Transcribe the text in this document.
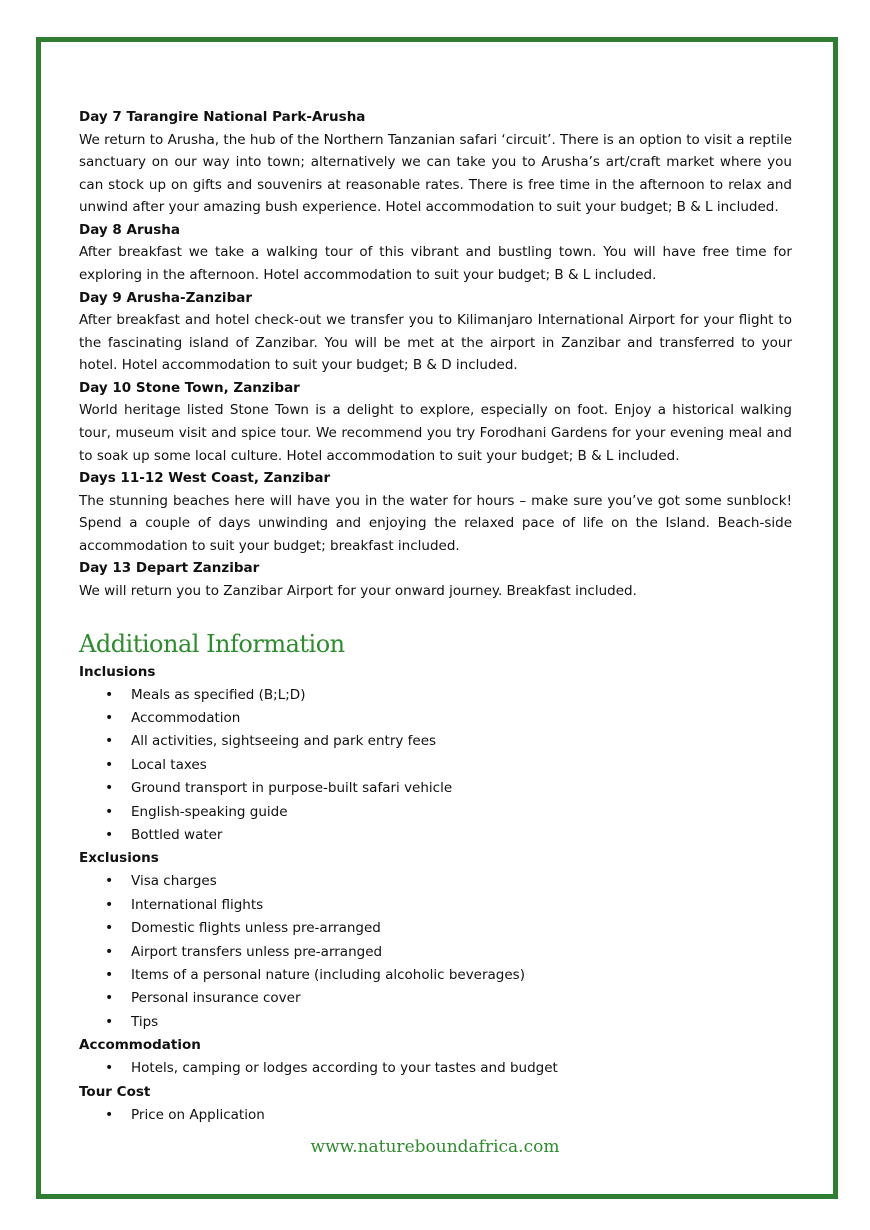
Day 7 Tarangire National Park-Arusha

We return to Arusha, the hub of the Northern Tanzanian safari ‘circuit’. There is an option to visit a reptile sanctuary on our way into town; alternatively we can take you to Arusha’s art/craft market where you can stock up on gifts and souvenirs at reasonable rates. There is free time in the afternoon to relax and unwind after your amazing bush experience. Hotel accommodation to suit your budget; B & L included.

Day 8 Arusha

After breakfast we take a walking tour of this vibrant and bustling town. You will have free time for exploring in the afternoon. Hotel accommodation to suit your budget; B & L included.

Day 9 Arusha-Zanzibar

After breakfast and hotel check-out we transfer you to Kilimanjaro International Airport for your flight to the fascinating island of Zanzibar. You will be met at the airport in Zanzibar and transferred to your hotel. Hotel accommodation to suit your budget; B & D included.

Day 10 Stone Town, Zanzibar

World heritage listed Stone Town is a delight to explore, especially on foot. Enjoy a historical walking tour, museum visit and spice tour. We recommend you try Forodhani Gardens for your evening meal and to soak up some local culture. Hotel accommodation to suit your budget; B & L included.

Days 11-12 West Coast, Zanzibar

The stunning beaches here will have you in the water for hours – make sure you’ve got some sunblock! Spend a couple of days unwinding and enjoying the relaxed pace of life on the Island. Beach-side accommodation to suit your budget; breakfast included.

Day 13 Depart Zanzibar

We will return you to Zanzibar Airport for your onward journey. Breakfast included.

Additional Information

Inclusions

• Meals as specified (B;L;D)
• Accommodation
• All activities, sightseeing and park entry fees
• Local taxes
• Ground transport in purpose-built safari vehicle
• English-speaking guide
• Bottled water

Exclusions

• Visa charges
• International flights
• Domestic flights unless pre-arranged
• Airport transfers unless pre-arranged
• Items of a personal nature (including alcoholic beverages)
• Personal insurance cover
• Tips

Accommodation

• Hotels, camping or lodges according to your tastes and budget

Tour Cost

• Price on Application
www.natureboundafrica.com
